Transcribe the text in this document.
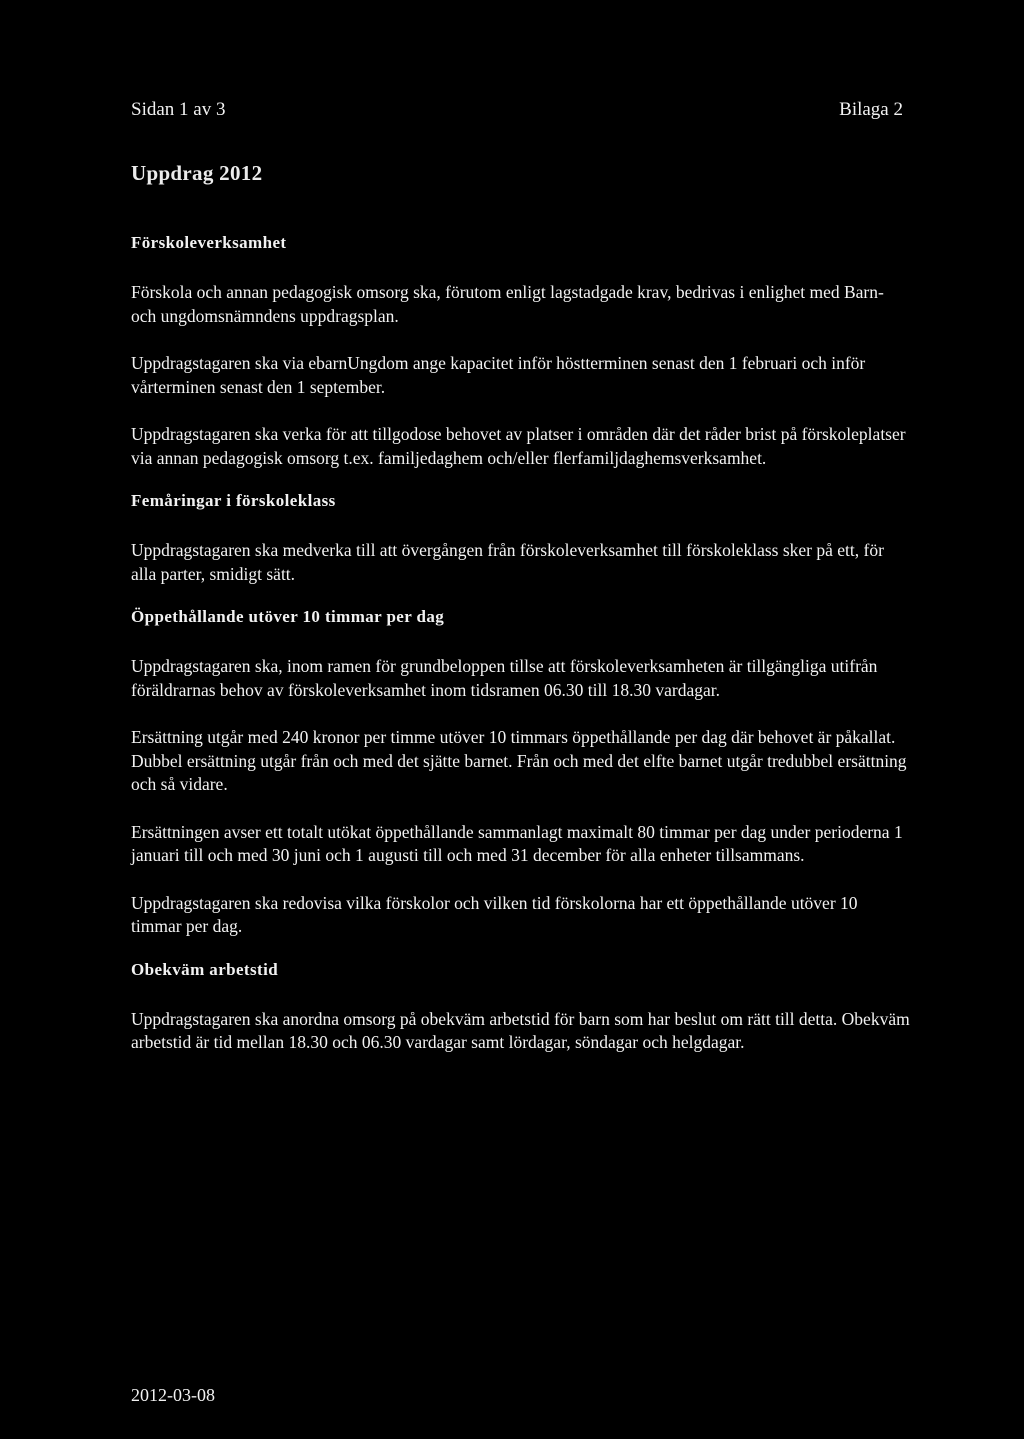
Sidan 1 av 3	Bilaga 2
Uppdrag 2012
Förskoleverksamhet

Förskola och annan pedagogisk omsorg ska, förutom enligt lagstadgade krav, bedrivas i enlighet med Barn- och ungdomsnämndens uppdragsplan.

Uppdragstagaren ska via ebarnUngdom ange kapacitet inför höstterminen senast den 1 februari och inför vårterminen senast den 1 september.

Uppdragstagaren ska verka för att tillgodose behovet av platser i områden där det råder brist på förskoleplatser via annan pedagogisk omsorg t.ex. familjedaghem och/eller flerfamiljdaghemsverksamhet.

Femåringar i förskoleklass

Uppdragstagaren ska medverka till att övergången från förskoleverksamhet till förskoleklass sker på ett, för alla parter, smidigt sätt.

Öppethållande utöver 10 timmar per dag

Uppdragstagaren ska, inom ramen för grundbeloppen tillse att förskoleverksamheten är tillgängliga utifrån föräldrarnas behov av förskoleverksamhet inom tidsramen 06.30 till 18.30 vardagar.

Ersättning utgår med 240 kronor per timme utöver 10 timmars öppethållande per dag där behovet är påkallat. Dubbel ersättning utgår från och med det sjätte barnet. Från och med det elfte barnet utgår tredubbel ersättning och så vidare.

Ersättningen avser ett totalt utökat öppethållande sammanlagt maximalt 80 timmar per dag under perioderna 1 januari till och med 30 juni och 1 augusti till och med 31 december för alla enheter tillsammans.

Uppdragstagaren ska redovisa vilka förskolor och vilken tid förskolorna har ett öppethållande utöver 10 timmar per dag.

Obekväm arbetstid

Uppdragstagaren ska anordna omsorg på obekväm arbetstid för barn som har beslut om rätt till detta. Obekväm arbetstid är tid mellan 18.30 och 06.30 vardagar samt lördagar, söndagar och helgdagar.

2012-03-08
